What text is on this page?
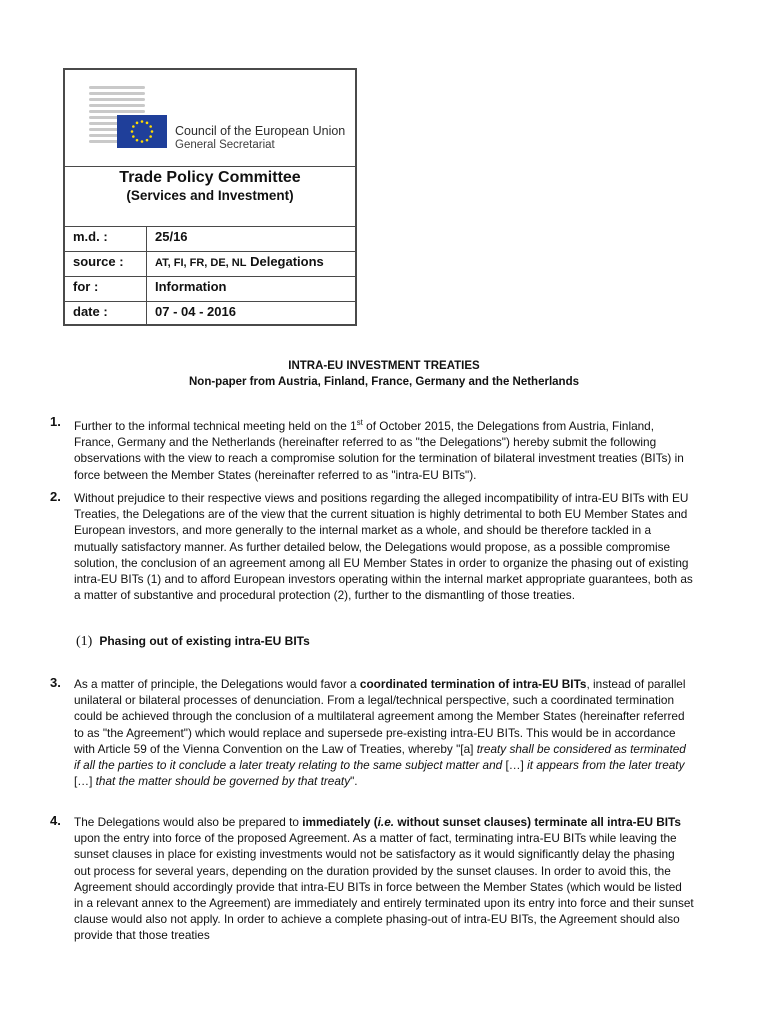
Council of the European Union
General Secretariat
Trade Policy Committee
(Services and Investment)
m.d. :	25/16
source :	AT, FI, FR, DE, NL Delegations
for :	Information
date :	07 - 04 - 2016
INTRA-EU INVESTMENT TREATIES
Non-paper from Austria, Finland, France, Germany and the Netherlands
1. Further to the informal technical meeting held on the 1st of October 2015, the Delegations from Austria, Finland, France, Germany and the Netherlands (hereinafter referred to as "the Delegations") hereby submit the following observations with the view to reach a compromise solution for the termination of bilateral investment treaties (BITs) in force between the Member States (hereinafter referred to as "intra-EU BITs").
2. Without prejudice to their respective views and positions regarding the alleged incompatibility of intra-EU BITs with EU Treaties, the Delegations are of the view that the current situation is highly detrimental to both EU Member States and European investors, and more generally to the internal market as a whole, and should be therefore tackled in a mutually satisfactory manner. As further detailed below, the Delegations would propose, as a possible compromise solution, the conclusion of an agreement among all EU Member States in order to organize the phasing out of existing intra-EU BITs (1) and to afford European investors operating within the internal market appropriate guarantees, both as a matter of substantive and procedural protection (2), further to the dismantling of those treaties.
(1) Phasing out of existing intra-EU BITs
3. As a matter of principle, the Delegations would favor a coordinated termination of intra-EU BITs, instead of parallel unilateral or bilateral processes of denunciation. From a legal/technical perspective, such a coordinated termination could be achieved through the conclusion of a multilateral agreement among the Member States (hereinafter referred to as "the Agreement") which would replace and supersede pre-existing intra-EU BITs. This would be in accordance with Article 59 of the Vienna Convention on the Law of Treaties, whereby "[a] treaty shall be considered as terminated if all the parties to it conclude a later treaty relating to the same subject matter and […] it appears from the later treaty […] that the matter should be governed by that treaty".
4. The Delegations would also be prepared to immediately (i.e. without sunset clauses) terminate all intra-EU BITs upon the entry into force of the proposed Agreement. As a matter of fact, terminating intra-EU BITs while leaving the sunset clauses in place for existing investments would not be satisfactory as it would significantly delay the phasing out process for several years, depending on the duration provided by the sunset clauses. In order to avoid this, the Agreement should accordingly provide that intra-EU BITs in force between the Member States (which would be listed in a relevant annex to the Agreement) are immediately and entirely terminated upon its entry into force and their sunset clause would also not apply. In order to achieve a complete phasing-out of intra-EU BITs, the Agreement should also provide that those treaties
